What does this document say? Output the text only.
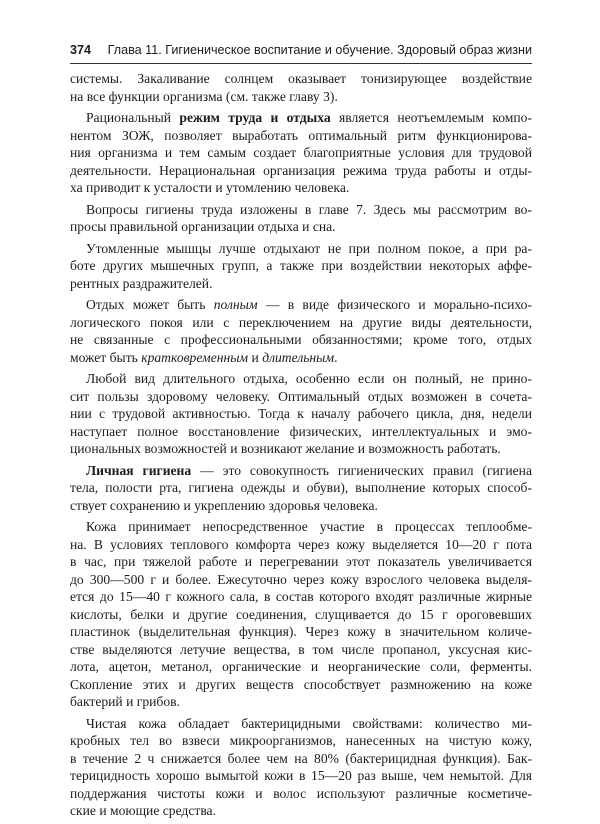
374 Глава 11. Гигиеническое воспитание и обучение. Здоровый образ жизни
системы. Закаливание солнцем оказывает тонизирующее воздействие
на все функции организма (см. также главу 3).
Рациональный режим труда и отдыха является неотъемлемым компо-
нентом ЗОЖ, позволяет выработать оптимальный ритм функционирова-
ния организма и тем самым создает благоприятные условия для трудовой
деятельности. Нерациональная организация режима труда работы и отды-
ха приводит к усталости и утомлению человека.
Вопросы гигиены труда изложены в главе 7. Здесь мы рассмотрим во-
просы правильной организации отдыха и сна.
Утомленные мышцы лучше отдыхают не при полном покое, а при ра-
боте других мышечных групп, а также при воздействии некоторых аффе-
рентных раздражителей.
Отдых может быть полным — в виде физического и морально-психо-
логического покоя или с переключением на другие виды деятельности,
не связанные с профессиональными обязанностями; кроме того, отдых
может быть кратковременным и длительным.
Любой вид длительного отдыха, особенно если он полный, не прино-
сит пользы здоровому человеку. Оптимальный отдых возможен в сочета-
нии с трудовой активностью. Тогда к началу рабочего цикла, дня, недели
наступает полное восстановление физических, интеллектуальных и эмо-
циональных возможностей и возникают желание и возможность работать.
Личная гигиена — это совокупность гигиенических правил (гигиена
тела, полости рта, гигиена одежды и обуви), выполнение которых способ-
ствует сохранению и укреплению здоровья человека.
Кожа принимает непосредственное участие в процессах теплообме-
на. В условиях теплового комфорта через кожу выделяется 10—20 г пота
в час, при тяжелой работе и перегревании этот показатель увеличивается
до 300—500 г и более. Ежесуточно через кожу взрослого человека выделя-
ется до 15—40 г кожного сала, в состав которого входят различные жирные
кислоты, белки и другие соединения, слущивается до 15 г ороговевших
пластинок (выделительная функция). Через кожу в значительном количе-
стве выделяются летучие вещества, в том числе пропанол, уксусная кис-
лота, ацетон, метанол, органические и неорганические соли, ферменты.
Скопление этих и других веществ способствует размножению на коже
бактерий и грибов.
Чистая кожа обладает бактерицидными свойствами: количество ми-
кробных тел во взвеси микроорганизмов, нанесенных на чистую кожу,
в течение 2 ч снижается более чем на 80% (бактерицидная функция). Бак-
терицидность хорошо вымытой кожи в 15—20 раз выше, чем немытой. Для
поддержания чистоты кожи и волос используют различные косметиче-
ские и моющие средства.
